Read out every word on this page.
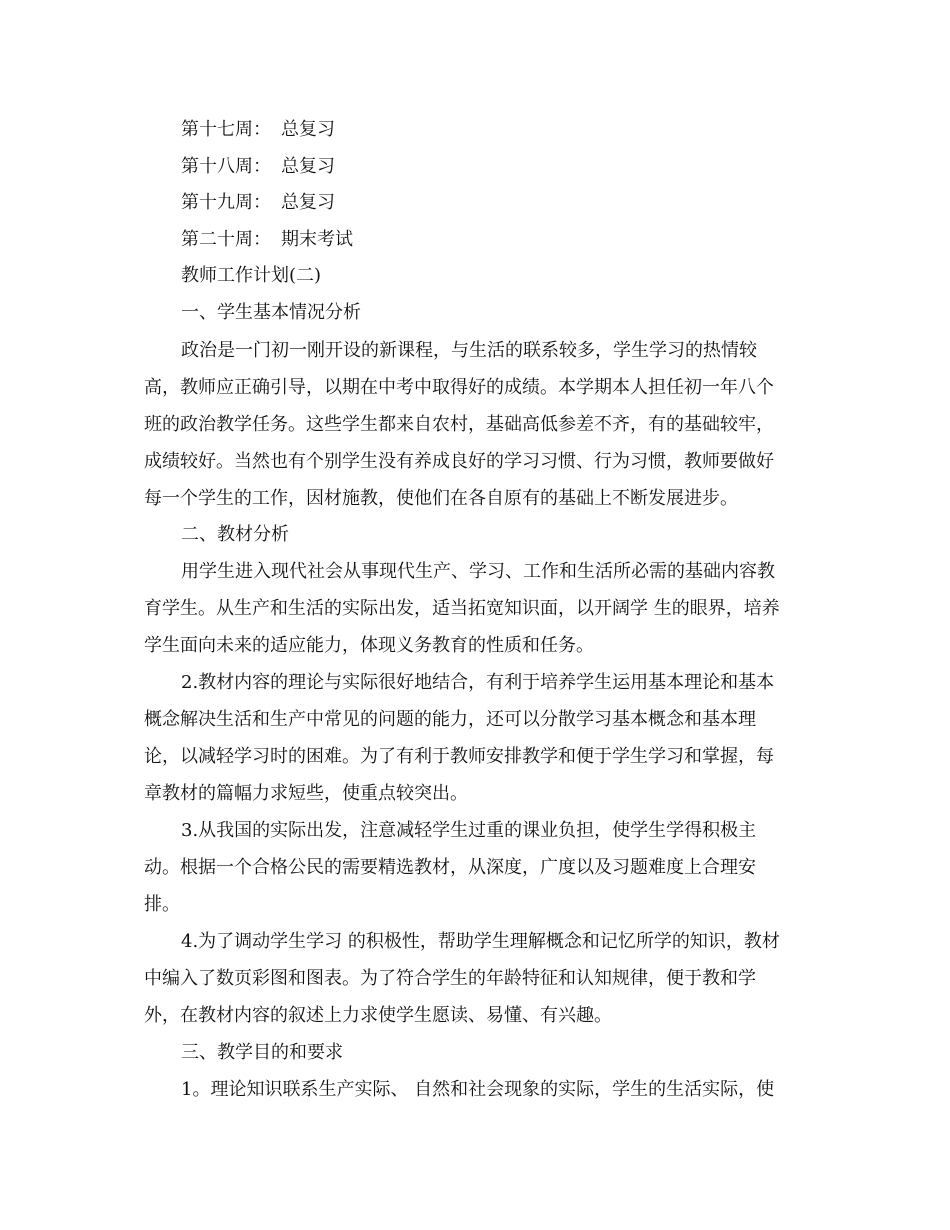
第十七周： 总复习
第十八周： 总复习
第十九周： 总复习
第二十周： 期末考试
教师工作计划(二)
一、学生基本情况分析
政治是一门初一刚开设的新课程，与生活的联系较多，学生学习的热情较
高，教师应正确引导，以期在中考中取得好的成绩。本学期本人担任初一年八个
班的政治教学任务。这些学生都来自农村，基础高低参差不齐，有的基础较牢，
成绩较好。当然也有个别学生没有养成良好的学习习惯、行为习惯，教师要做好
每一个学生的工作，因材施教，使他们在各自原有的基础上不断发展进步。
二、教材分析
用学生进入现代社会从事现代生产、学习、工作和生活所必需的基础内容教
育学生。从生产和生活的实际出发，适当拓宽知识面，以开阔学 生的眼界，培养
学生面向未来的适应能力，体现义务教育的性质和任务。
2.教材内容的理论与实际很好地结合，有利于培养学生运用基本理论和基本
概念解决生活和生产中常见的问题的能力，还可以分散学习基本概念和基本理
论，以减轻学习时的困难。为了有利于教师安排教学和便于学生学习和掌握，每
章教材的篇幅力求短些，使重点较突出。
3.从我国的实际出发，注意减轻学生过重的课业负担，使学生学得积极主
动。根据一个合格公民的需要精选教材，从深度，广度以及习题难度上合理安
排。
4.为了调动学生学习 的积极性，帮助学生理解概念和记忆所学的知识，教材
中编入了数页彩图和图表。为了符合学生的年龄特征和认知规律，便于教和学
外，在教材内容的叙述上力求使学生愿读、易懂、有兴趣。
三、教学目的和要求
1。理论知识联系生产实际、 自然和社会现象的实际，学生的生活实际，使
